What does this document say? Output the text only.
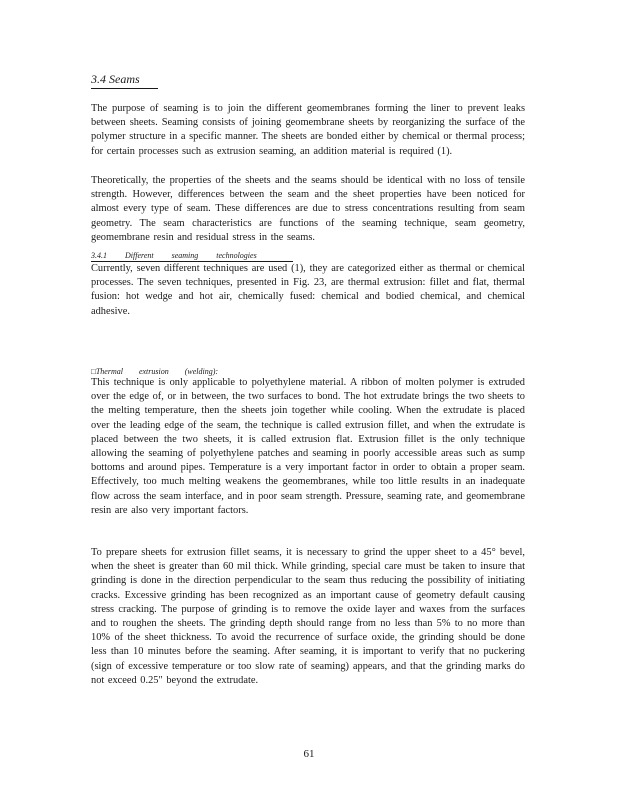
3.4 Seams

The purpose of seaming is to join the different geomembranes forming the liner to prevent leaks between sheets. Seaming consists of joining geomembrane sheets by reorganizing the surface of the polymer structure in a specific manner. The sheets are bonded either by chemical or thermal process; for certain processes such as extrusion seaming, an addition material is required (1).

Theoretically, the properties of the sheets and the seams should be identical with no loss of tensile strength. However, differences between the seam and the sheet properties have been noticed for almost every type of seam. These differences are due to stress concentrations resulting from seam geometry. The seam characteristics are functions of the seaming technique, seam geometry, geomembrane resin and residual stress in the seams.

3.4.1 Different seaming technologies

Currently, seven different techniques are used (1), they are categorized either as thermal or chemical processes. The seven techniques, presented in Fig. 23, are thermal extrusion: fillet and flat, thermal fusion: hot wedge and hot air, chemically fused: chemical and bodied chemical, and chemical adhesive.

□Thermal extrusion (welding):

This technique is only applicable to polyethylene material. A ribbon of molten polymer is extruded over the edge of, or in between, the two surfaces to bond. The hot extrudate brings the two sheets to the melting temperature, then the sheets join together while cooling. When the extrudate is placed over the leading edge of the seam, the technique is called extrusion fillet, and when the extrudate is placed between the two sheets, it is called extrusion flat. Extrusion fillet is the only technique allowing the seaming of polyethylene patches and seaming in poorly accessible areas such as sump bottoms and around pipes. Temperature is a very important factor in order to obtain a proper seam. Effectively, too much melting weakens the geomembranes, while too little results in an inadequate flow across the seam interface, and in poor seam strength. Pressure, seaming rate, and geomembrane resin are also very important factors.

To prepare sheets for extrusion fillet seams, it is necessary to grind the upper sheet to a 45° bevel, when the sheet is greater than 60 mil thick. While grinding, special care must be taken to insure that grinding is done in the direction perpendicular to the seam thus reducing the possibility of initiating cracks. Excessive grinding has been recognized as an important cause of geometry default causing stress cracking. The purpose of grinding is to remove the oxide layer and waxes from the surfaces and to roughen the sheets. The grinding depth should range from no less than 5% to no more than 10% of the sheet thickness. To avoid the recurrence of surface oxide, the grinding should be done less than 10 minutes before the seaming. After seaming, it is important to verify that no puckering (sign of excessive temperature or too slow rate of seaming) appears, and that the grinding marks do not exceed 0.25" beyond the extrudate.

61
